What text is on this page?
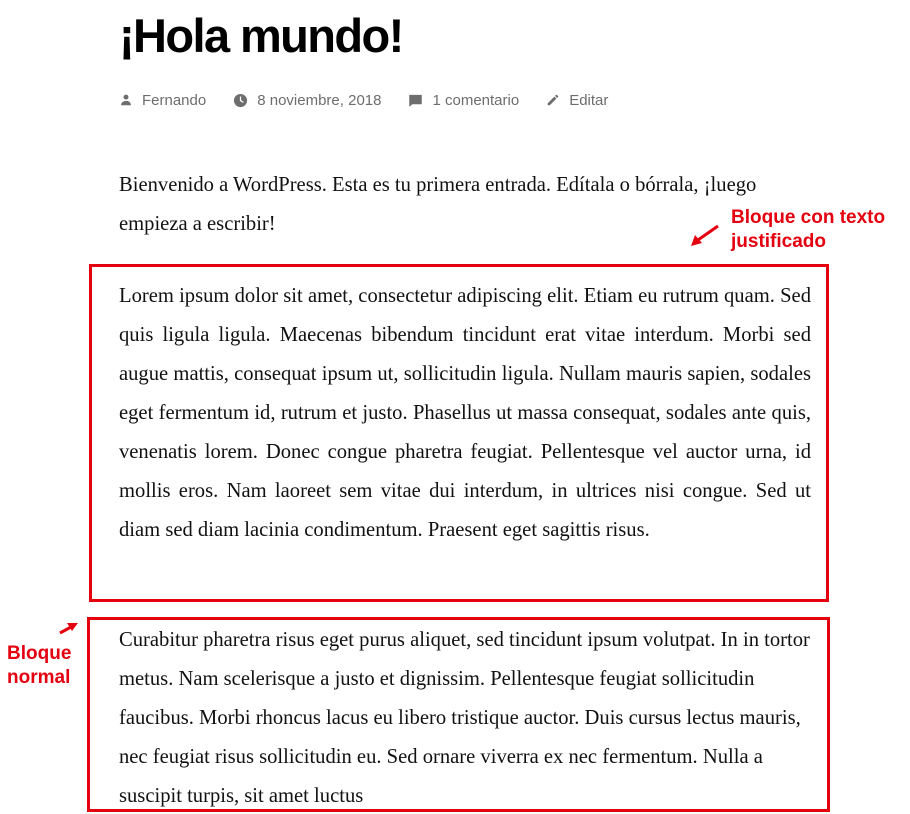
¡Hola mundo!
Fernando	8 noviembre, 2018	1 comentario	Editar

Bienvenido a WordPress. Esta es tu primera entrada. Edítala o bórrala, ¡luego empieza a escribir!	Bloque con texto
justificado

Lorem ipsum dolor sit amet, consectetur adipiscing elit. Etiam eu rutrum quam. Sed quis ligula ligula. Maecenas bibendum tincidunt erat vitae interdum. Morbi sed augue mattis, consequat ipsum ut, sollicitudin ligula. Nullam mauris sapien, sodales eget fermentum id, rutrum et justo. Phasellus ut massa consequat, sodales ante quis, venenatis lorem. Donec congue pharetra feugiat. Pellentesque vel auctor urna, id mollis eros. Nam laoreet sem vitae dui interdum, in ultrices nisi congue. Sed ut diam sed diam lacinia condimentum. Praesent eget sagittis risus.

Bloque
normal

Curabitur pharetra risus eget purus aliquet, sed tincidunt ipsum volutpat. In in tortor metus. Nam scelerisque a justo et dignissim. Pellentesque feugiat sollicitudin faucibus. Morbi rhoncus lacus eu libero tristique auctor. Duis cursus lectus mauris, nec feugiat risus sollicitudin eu. Sed ornare viverra ex nec fermentum. Nulla a suscipit turpis, sit amet luctus
